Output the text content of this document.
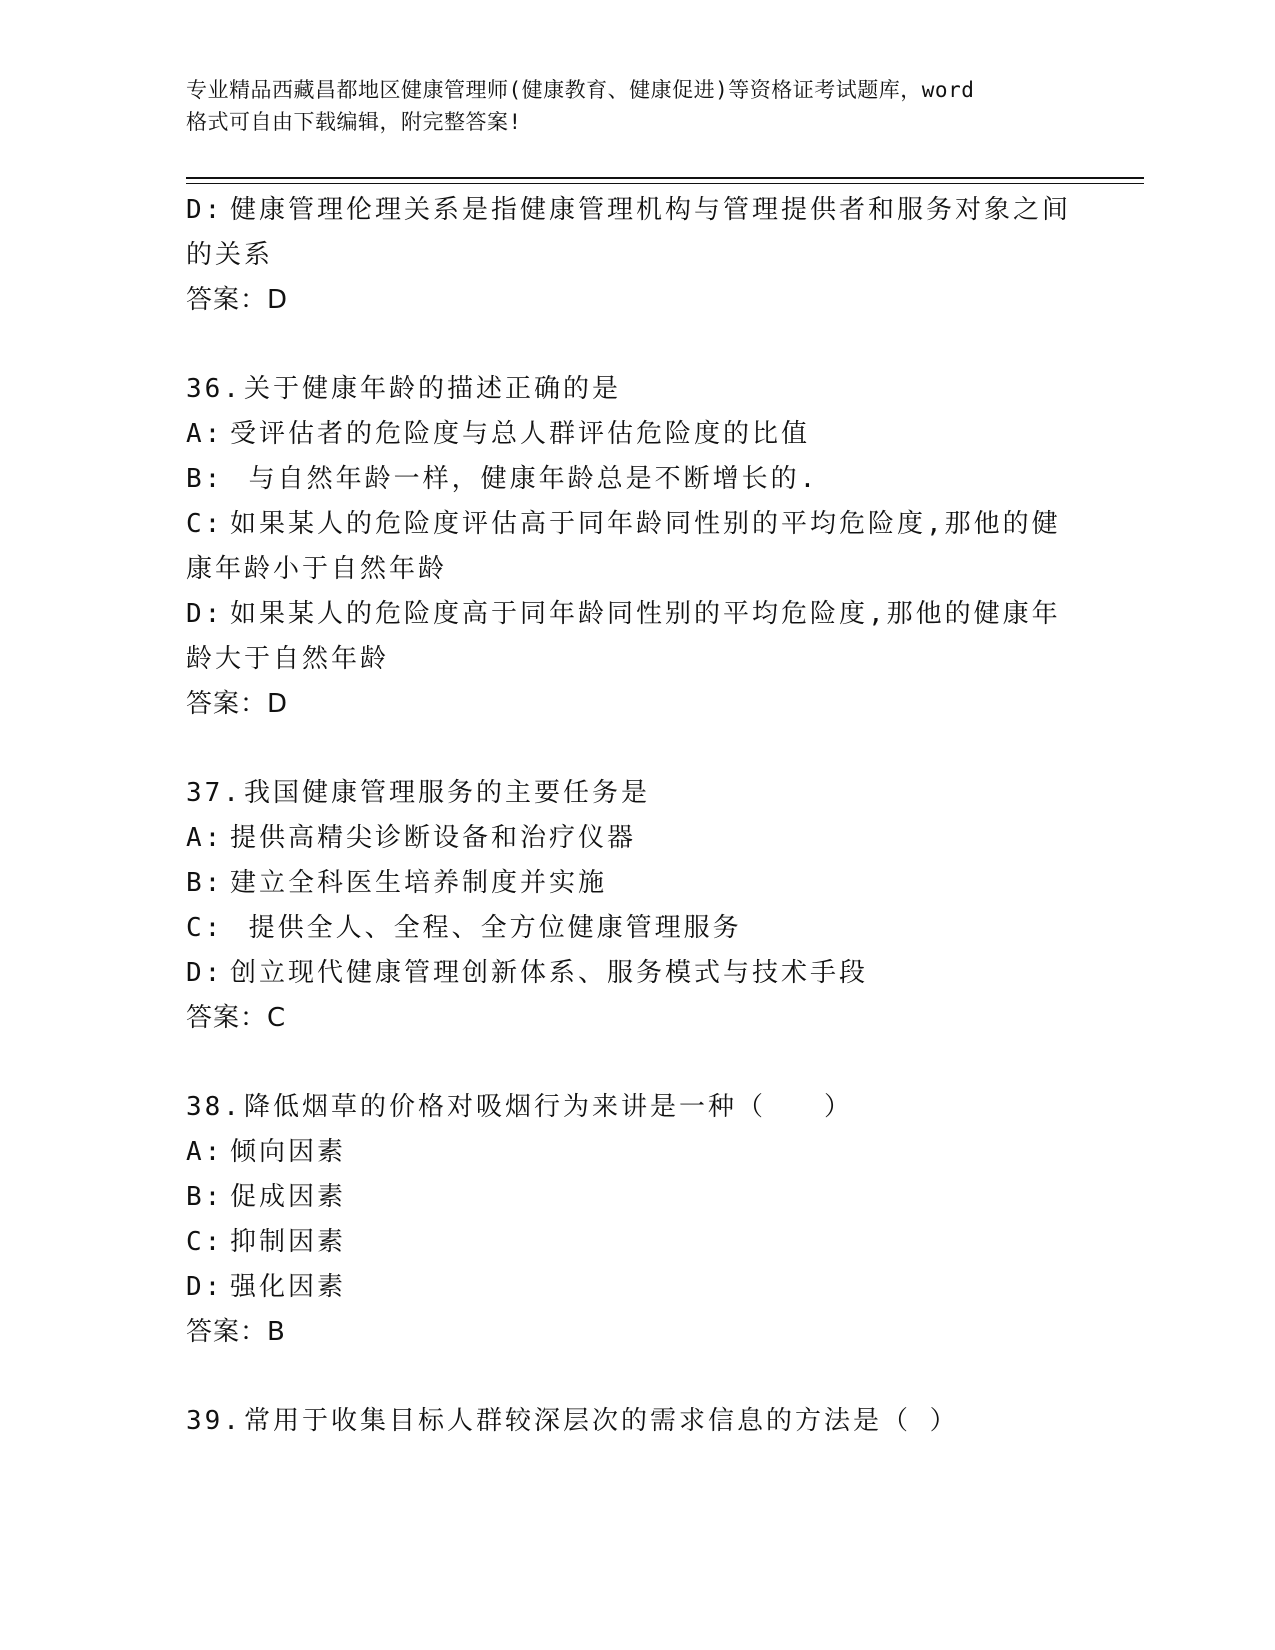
专业精品西藏昌都地区健康管理师(健康教育、健康促进)等资格证考试题库，word
格式可自由下载编辑，附完整答案!
D: 健康管理伦理关系是指健康管理机构与管理提供者和服务对象之间
的关系
答案：D
36.关于健康年龄的描述正确的是
A: 受评估者的危险度与总人群评估危险度的比值
B: 与自然年龄一样，健康年龄总是不断增长的.
C: 如果某人的危险度评估高于同年龄同性别的平均危险度,那他的健
康年龄小于自然年龄
D: 如果某人的危险度高于同年龄同性别的平均危险度,那他的健康年
龄大于自然年龄
答案：D
37.我国健康管理服务的主要任务是
A: 提供高精尖诊断设备和治疗仪器
B: 建立全科医生培养制度并实施
C: 提供全人、全程、全方位健康管理服务
D: 创立现代健康管理创新体系、服务模式与技术手段
答案：C
38.降低烟草的价格对吸烟行为来讲是一种（　　）
A: 倾向因素
B: 促成因素
C: 抑制因素
D: 强化因素
答案：B
39.常用于收集目标人群较深层次的需求信息的方法是（ ）
